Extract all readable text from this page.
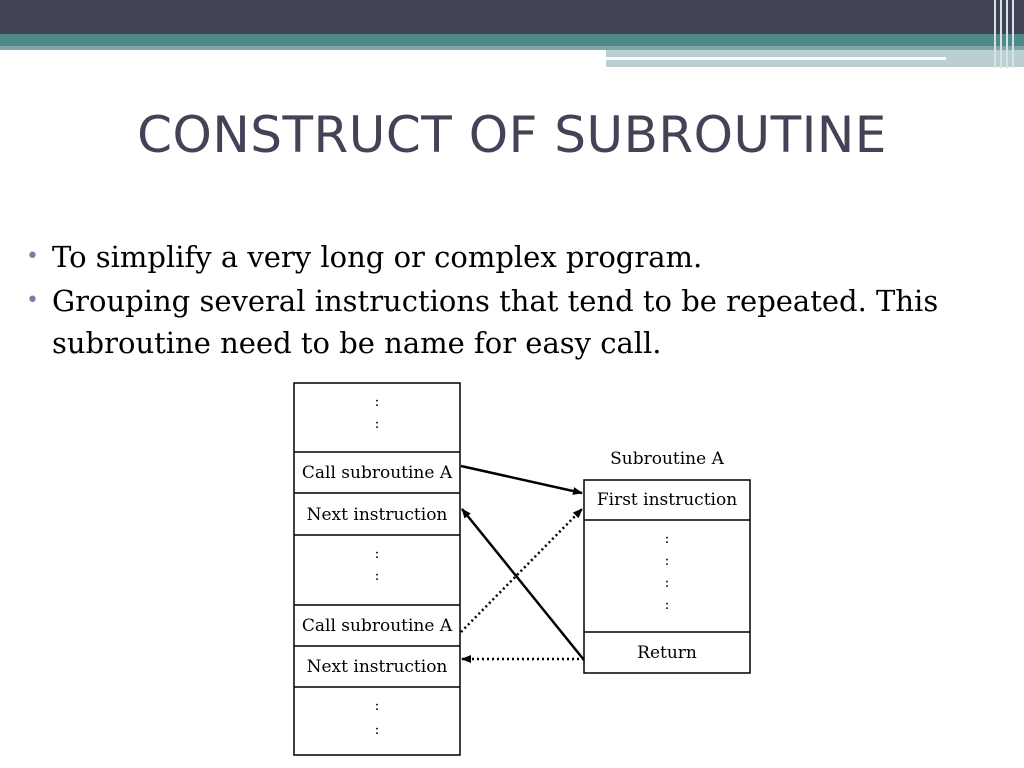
CONSTRUCT OF SUBROUTINE
• To simplify a very long or complex program.
• Grouping several instructions that tend to be repeated. This subroutine need to be name for easy call.
:
:
Call subroutine A
Next instruction
:
:
Call subroutine A
Next instruction
:
:
Subroutine A
First instruction
:
:
:
:
Return
